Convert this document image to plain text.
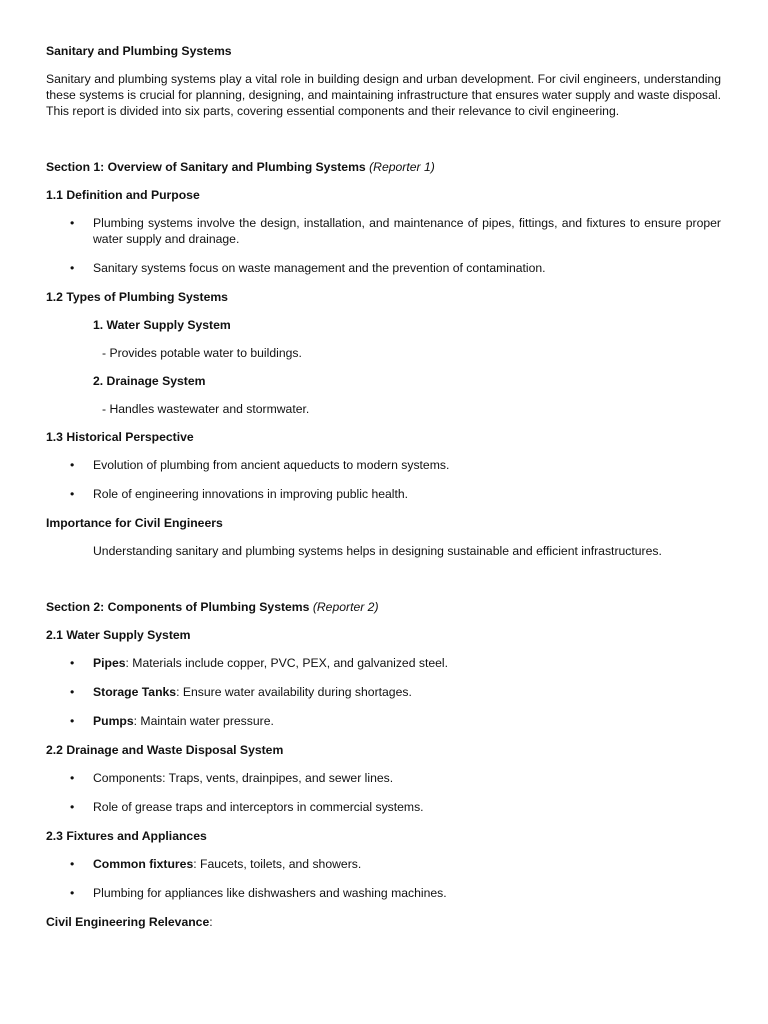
Sanitary and Plumbing Systems

Sanitary and plumbing systems play a vital role in building design and urban development. For civil engineers, understanding these systems is crucial for planning, designing, and maintaining infrastructure that ensures water supply and waste disposal. This report is divided into six parts, covering essential components and their relevance to civil engineering.

Section 1: Overview of Sanitary and Plumbing Systems (Reporter 1)

1.1 Definition and Purpose

• Plumbing systems involve the design, installation, and maintenance of pipes, fittings, and fixtures to ensure proper water supply and drainage.
• Sanitary systems focus on waste management and the prevention of contamination.

1.2 Types of Plumbing Systems

1. Water Supply System

- Provides potable water to buildings.

2. Drainage System

- Handles wastewater and stormwater.

1.3 Historical Perspective

• Evolution of plumbing from ancient aqueducts to modern systems.
• Role of engineering innovations in improving public health.

Importance for Civil Engineers

Understanding sanitary and plumbing systems helps in designing sustainable and efficient infrastructures.

Section 2: Components of Plumbing Systems (Reporter 2)

2.1 Water Supply System

• Pipes: Materials include copper, PVC, PEX, and galvanized steel.
• Storage Tanks: Ensure water availability during shortages.
• Pumps: Maintain water pressure.

2.2 Drainage and Waste Disposal System

• Components: Traps, vents, drainpipes, and sewer lines.
• Role of grease traps and interceptors in commercial systems.

2.3 Fixtures and Appliances

• Common fixtures: Faucets, toilets, and showers.
• Plumbing for appliances like dishwashers and washing machines.

Civil Engineering Relevance:
